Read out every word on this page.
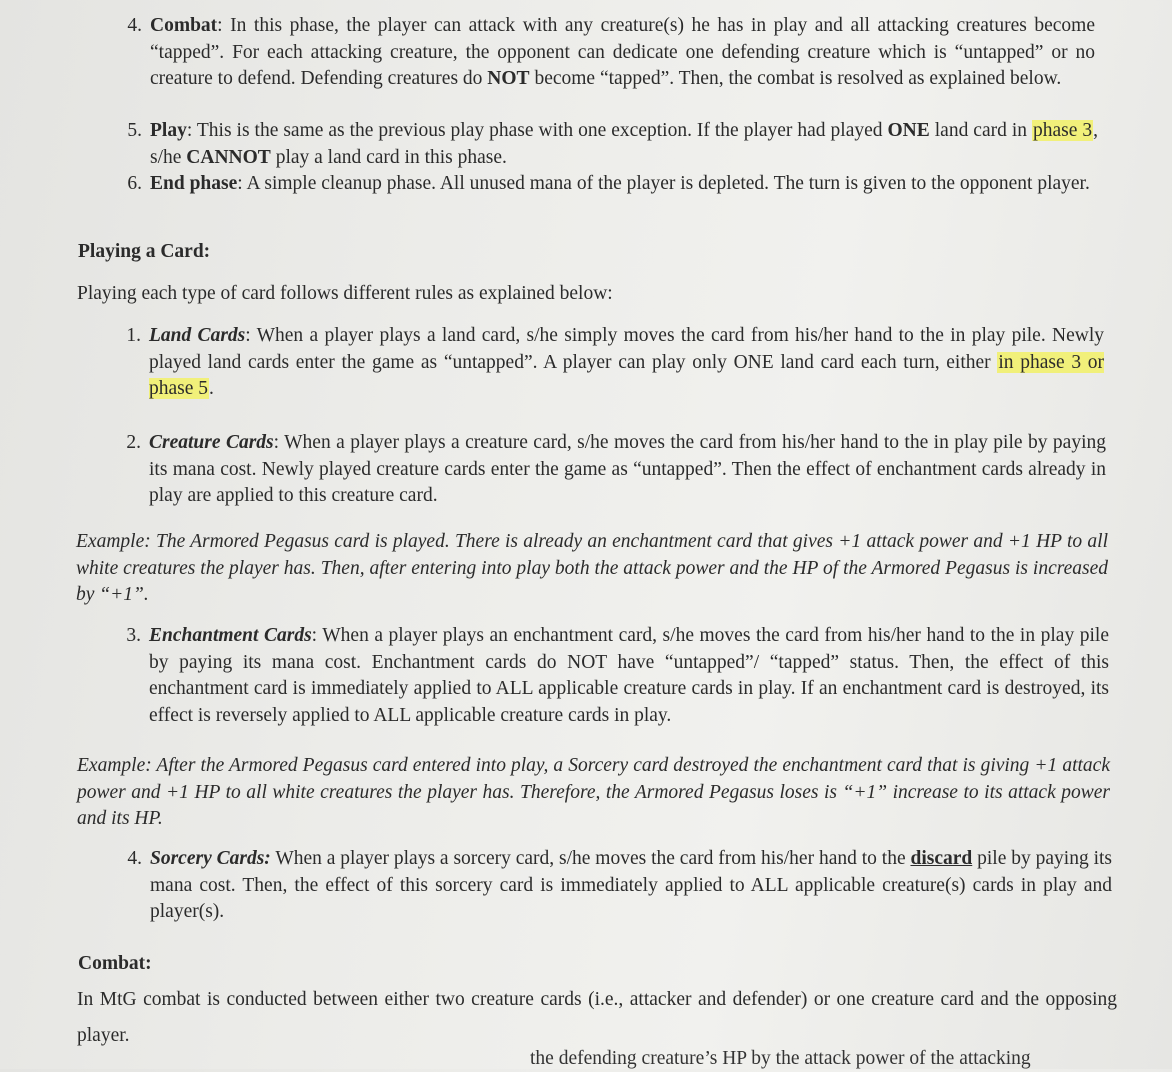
4. Combat: In this phase, the player can attack with any creature(s) he has in play and all attacking creatures become “tapped”. For each attacking creature, the opponent can dedicate one defending creature which is “untapped” or no creature to defend. Defending creatures do NOT become “tapped”. Then, the combat is resolved as explained below.

5. Play: This is the same as the previous play phase with one exception. If the player had played ONE land card in phase 3, s/he CANNOT play a land card in this phase.

6. End phase: A simple cleanup phase. All unused mana of the player is depleted. The turn is given to the opponent player.

Playing a Card:

Playing each type of card follows different rules as explained below:

1. Land Cards: When a player plays a land card, s/he simply moves the card from his/her hand to the in play pile. Newly played land cards enter the game as “untapped”. A player can play only ONE land card each turn, either in phase 3 or phase 5.

2. Creature Cards: When a player plays a creature card, s/he moves the card from his/her hand to the in play pile by paying its mana cost. Newly played creature cards enter the game as “untapped”. Then the effect of enchantment cards already in play are applied to this creature card.

Example: The Armored Pegasus card is played. There is already an enchantment card that gives +1 attack power and +1 HP to all white creatures the player has. Then, after entering into play both the attack power and the HP of the Armored Pegasus is increased by “+1”.

3. Enchantment Cards: When a player plays an enchantment card, s/he moves the card from his/her hand to the in play pile by paying its mana cost. Enchantment cards do NOT have “untapped”/ “tapped” status. Then, the effect of this enchantment card is immediately applied to ALL applicable creature cards in play. If an enchantment card is destroyed, its effect is reversely applied to ALL applicable creature cards in play.

Example: After the Armored Pegasus card entered into play, a Sorcery card destroyed the enchantment card that is giving +1 attack power and +1 HP to all white creatures the player has. Therefore, the Armored Pegasus loses is “+1” increase to its attack power and its HP.

4. Sorcery Cards: When a player plays a sorcery card, s/he moves the card from his/her hand to the discard pile by paying its mana cost. Then, the effect of this sorcery card is immediately applied to ALL applicable creature(s) cards in play and player(s).

Combat:

In MtG combat is conducted between either two creature cards (i.e., attacker and defender) or one creature card and the opposing player.

the defending creature’s HP by the attack power of the attacking
